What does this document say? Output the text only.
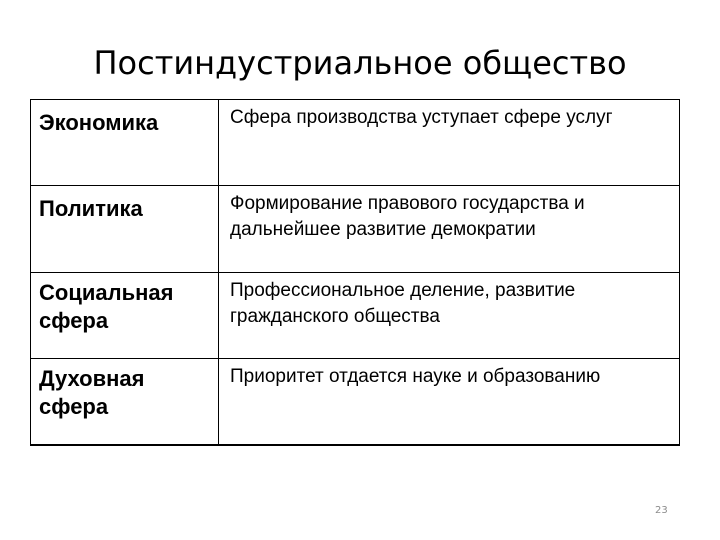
Постиндустриальное общество
Экономика	Сфера производства уступает сфере услуг
Политика	Формирование правового государства и дальнейшее развитие демократии
Социальная сфера
Профессиональное деление, развитие гражданского общества
Духовная сфера
Приоритет отдается науке и образованию
23
